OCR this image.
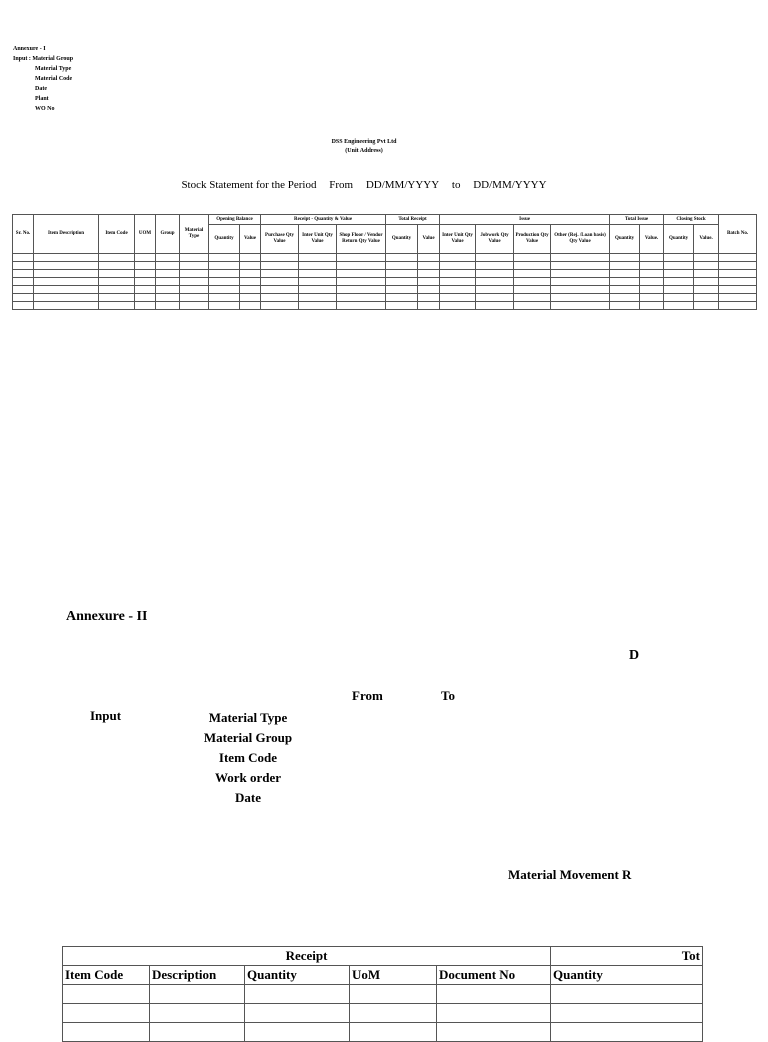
Annexure - I
Input : Material Group
Material Type
Material Code
Date
Plant
WO No
DSS Engineering Pvt Ltd
(Unit Address)
Stock Statement for the Period From DD/MM/YYYY to DD/MM/YYYY
Sr. No.	Item Description	Item Code	UOM	Group	Material Type	Opening Balance		Receipt - Quantity & Value			Total Receipt		Issue				Total Issue		Closing Stock		Batch No.
						Quantity	Value	Purchase Qty Value	Inter Unit Qty Value	Shop Floor / Vendor Return Qty Value	Quantity	Value	Inter Unit Qty Value	Jobwork Qty Value	Production Qty Value	Other (Rej. /Loan basis) Qty Value	Quantity	Value.	Quantity	Value.	

Annexure - II
D
From	To
Input	Material Type
Material Group
Item Code
Work order
Date
Material Movement R
Receipt					Tot
Item Code	Description	Quantity	UoM	Document No	Quantity
